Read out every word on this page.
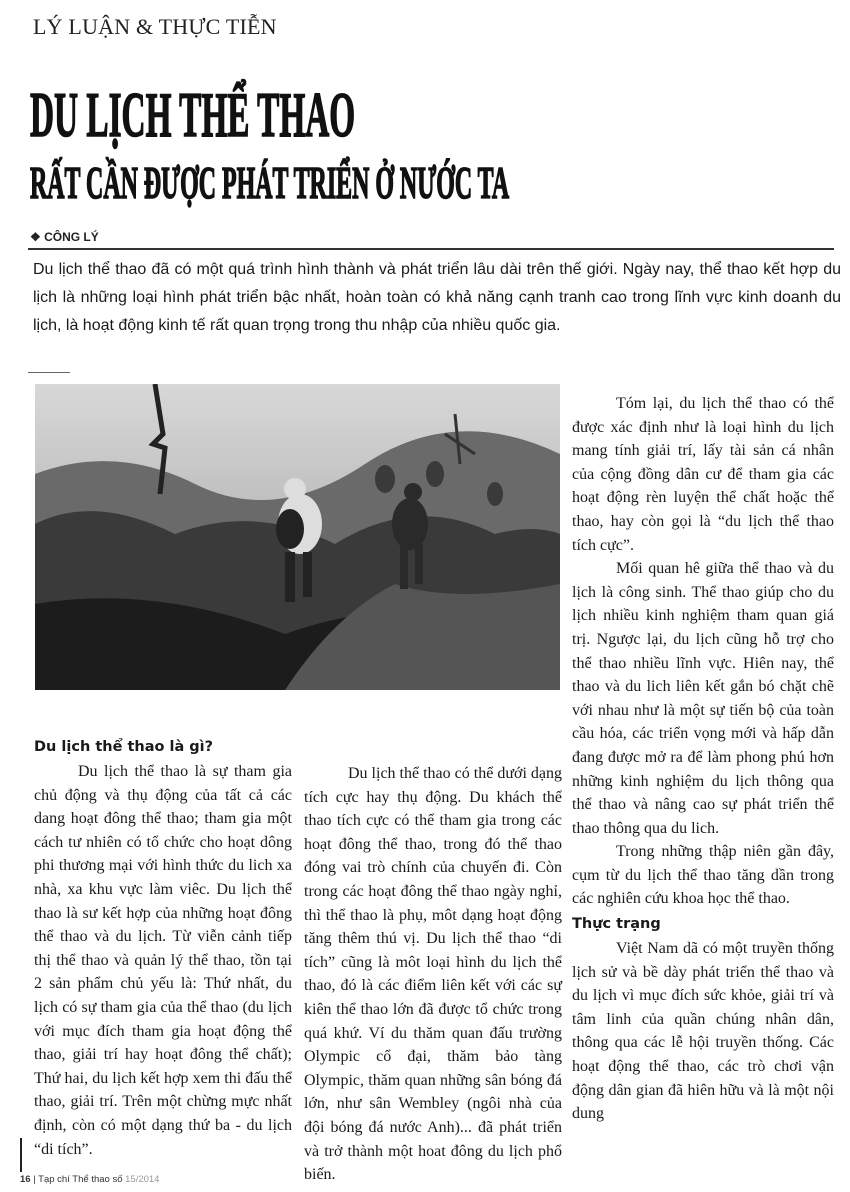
LÝ LUẬN & THỰC TIỄN
DU LỊCH THỂ THAO
RẤT CẦN ĐƯỢC PHÁT TRIỂN Ở NƯỚC TA
❖ CÔNG LÝ
Du lịch thể thao đã có một quá trình hình thành và phát triển lâu dài trên thế giới. Ngày nay, thể thao kết hợp du lịch là những loại hình phát triển bậc nhất, hoàn toàn có khả năng cạnh tranh cao trong lĩnh vực kinh doanh du lịch, là hoạt động kinh tế rất quan trọng trong thu nhập của nhiều quốc gia.
Du lịch thể thao là gì?

Du lịch thể thao là sự tham gia chủ động và thụ động của tất cả các dang hoạt đông thể thao; tham gia một cách tư nhiên có tổ chức cho hoạt dông phi thương mại với hình thức du lich xa nhà, xa khu vực làm viêc. Du lịch thể thao là sư kết hợp của những hoạt đông thể thao và du lịch. Từ viễn cảnh tiếp thị thể thao và quản lý thể thao, tồn tại 2 sản phẩm chủ yếu là: Thứ nhất, du lịch có sự tham gia của thể thao (du lịch với mục đích tham gia hoạt động thể thao, giải trí hay hoạt đông thể chất); Thứ hai, du lịch kết hợp xem thi đấu thể thao, giải trí. Trên một chừng mực nhất định, còn có một dạng thứ ba - du lịch “di tích”.

Du lịch thể thao có thể dưới dạng tích cực hay thụ động. Du khách thể thao tích cực có thể tham gia trong các hoạt đông thể thao, trong đó thể thao đóng vai trò chính của chuyến đi. Còn trong các hoạt đông thể thao ngày nghỉ, thì thể thao là phụ, môt dạng hoạt động tăng thêm thú vị. Du lịch thể thao “di tích” cũng là môt loại hình du lịch thể thao, đó là các điểm liên kết với các sự kiên thể thao lớn đã được tổ chức trong quá khứ. Ví du thăm quan đấu trường Olympic cổ đại, thăm bảo tàng Olympic, thăm quan những sân bóng đá lớn, như sân Wembley (ngôi nhà của đội bóng đá nước Anh)... đã phát triển và trở thành một hoat đông du lịch phổ biến.

Tóm lại, du lịch thể thao có thể được xác định như là loại hình du lịch mang tính giải trí, lấy tài sản cá nhân của cộng đồng dân cư để tham gia các hoạt động rèn luyện thể chất hoặc thể thao, hay còn gọi là “du lịch thể thao tích cực”.

Mối quan hê giữa thể thao và du lịch là công sinh. Thể thao giúp cho du lịch nhiều kinh nghiệm tham quan giá trị. Ngược lại, du lịch cũng hỗ trợ cho thể thao nhiều lĩnh vực. Hiên nay, thể thao và du lich liên kết gắn bó chặt chẽ với nhau như là một sự tiến bộ của toàn cầu hóa, các triển vọng mới và hấp dẫn đang được mở ra để làm phong phú hơn những kinh nghiệm du lịch thông qua thể thao và nâng cao sự phát triển thể thao thông qua du lich.

Trong những thập niên gần đây, cụm từ du lịch thể thao tăng dần trong các nghiên cứu khoa học thể thao.

Thực trạng

Việt Nam dã có một truyền thống lịch sử và bề dày phát triển thể thao và du lịch vì mục đích sức khỏe, giải trí và tâm linh của quần chúng nhân dân, thông qua các lễ hội truyền thống. Các hoạt động thể thao, các trò chơi vận động dân gian đã hiên hữu và là một nội dung

16 | Tạp chí Thể thao số 15/2014
